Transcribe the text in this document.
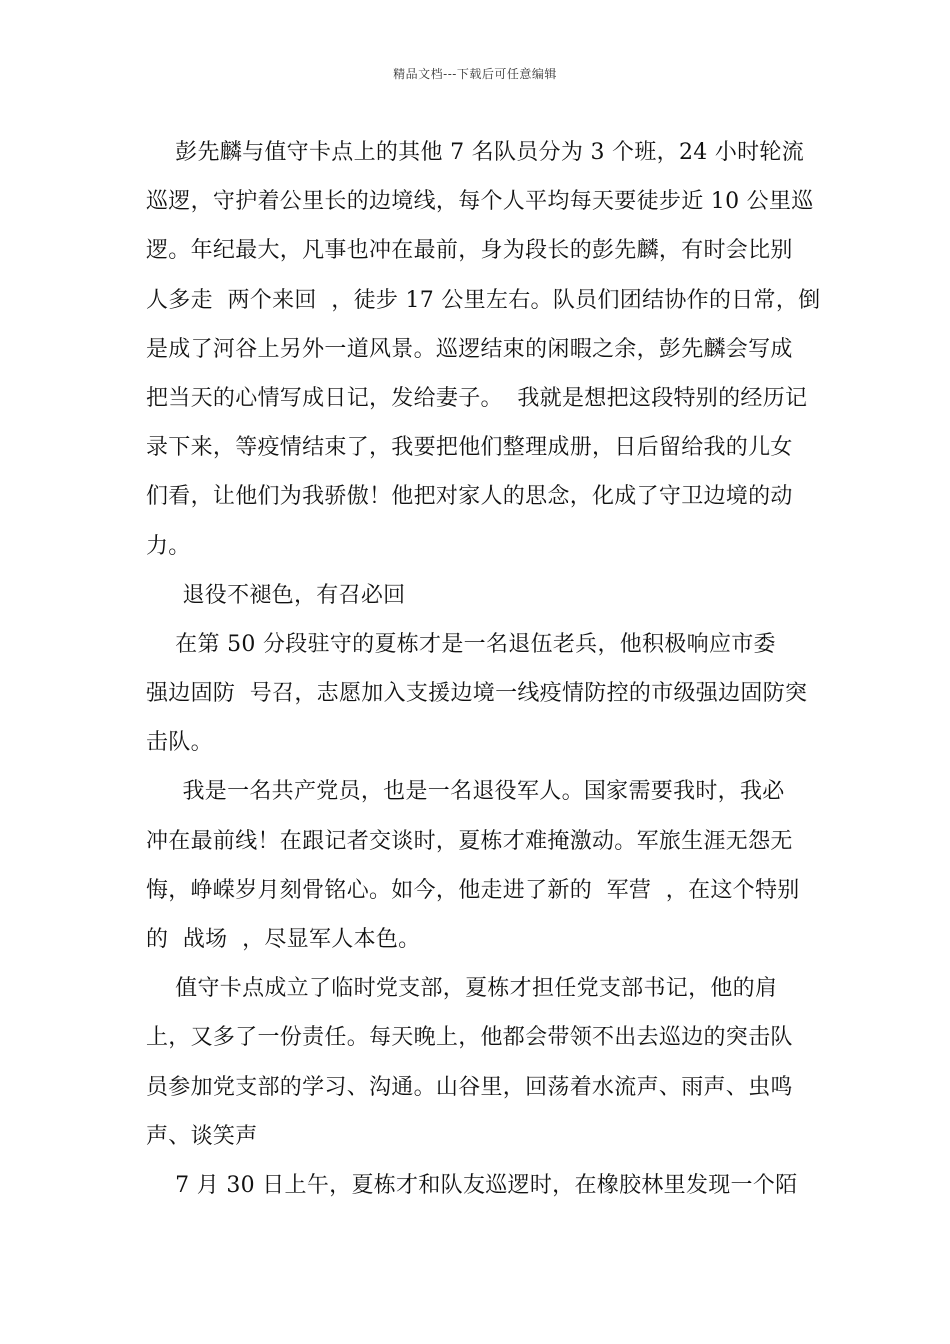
精品文档---下载后可任意编辑
彭先麟与值守卡点上的其他 7 名队员分为 3 个班，24 小时轮流
巡逻，守护着公里长的边境线，每个人平均每天要徒步近 10 公里巡
逻。年纪最大，凡事也冲在最前，身为段长的彭先麟，有时会比别
人多走  两个来回  ，徒步 17 公里左右。队员们团结协作的日常，倒
是成了河谷上另外一道风景。巡逻结束的闲暇之余，彭先麟会写成
把当天的心情写成日记，发给妻子。  我就是想把这段特别的经历记
录下来，等疫情结束了，我要把他们整理成册，日后留给我的儿女
们看，让他们为我骄傲！他把对家人的思念，化成了守卫边境的动
力。
退役不褪色，有召必回
在第 50 分段驻守的夏栋才是一名退伍老兵，他积极响应市委
强边固防  号召，志愿加入支援边境一线疫情防控的市级强边固防突
击队。
我是一名共产党员，也是一名退役军人。国家需要我时，我必
冲在最前线！在跟记者交谈时，夏栋才难掩激动。军旅生涯无怨无
悔，峥嵘岁月刻骨铭心。如今，他走进了新的  军营  ，在这个特别
的  战场  ，尽显军人本色。
值守卡点成立了临时党支部，夏栋才担任党支部书记，他的肩
上，又多了一份责任。每天晚上，他都会带领不出去巡边的突击队
员参加党支部的学习、沟通。山谷里，回荡着水流声、雨声、虫鸣
声、谈笑声
7 月 30 日上午，夏栋才和队友巡逻时，在橡胶林里发现一个陌
